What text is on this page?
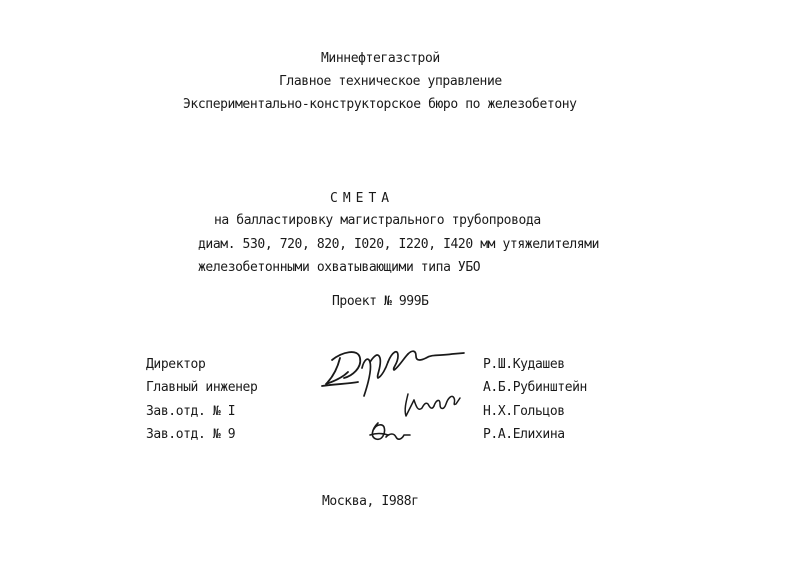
Миннефтегазстрой
Главное техническое управление
Экспериментально-конструкторское бюро по железобетону
СМЕТА
на балластировку магистрального трубопровода
диам. 530, 720, 820, I020, I220, I420 мм утяжелителями
железобетонными охватывающими типа УБО
Проект № 999Б
Директор
Главный инженер
Зав.отд. № I
Зав.отд. № 9
Р.Ш.Кудашев
А.Б.Рубинштейн
Н.Х.Гольцов
Р.А.Елихина
Москва, I988г
